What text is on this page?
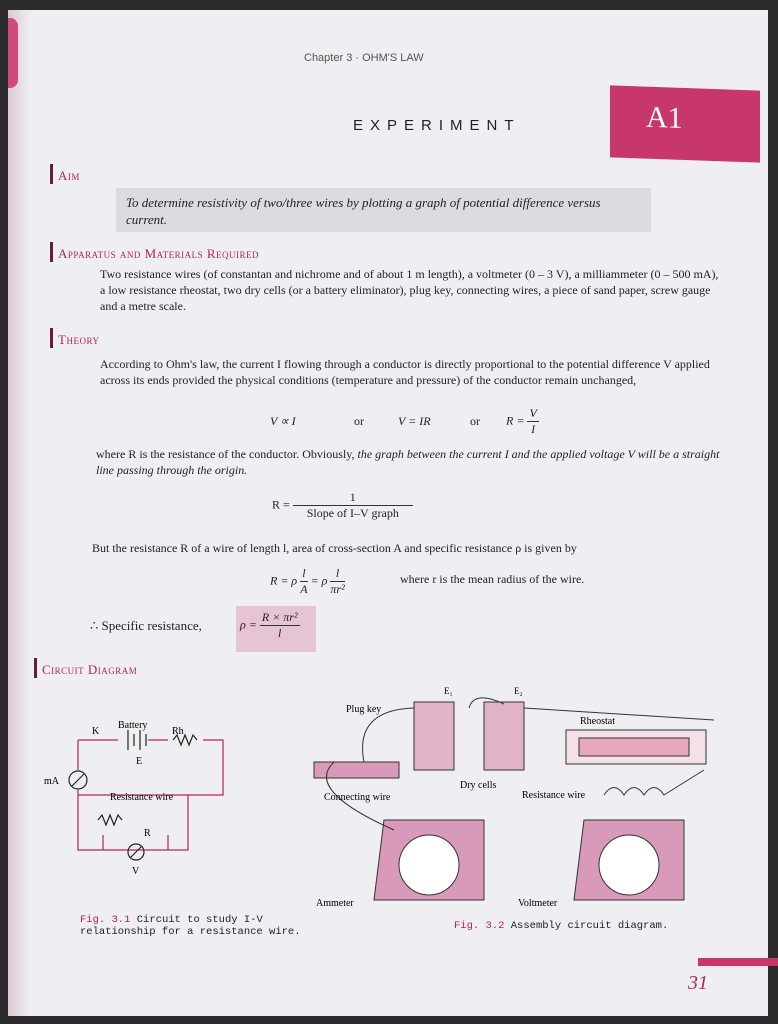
Chapter 3 · OHM'S LAW
EXPERIMENT	A1
Aim
To determine resistivity of two/three wires by plotting a graph of potential difference versus current.
Apparatus and Materials Required
Two resistance wires (of constantan and nichrome and of about 1 m length), a voltmeter (0 – 3 V), a milliammeter (0 – 500 mA), a low resistance rheostat, two dry cells (or a battery eliminator), plug key, connecting wires, a piece of sand paper, screw gauge and a metre scale.
Theory
According to Ohm's law, the current I flowing through a conductor is directly proportional to the potential difference V applied across its ends provided the physical conditions (temperature and pressure) of the conductor remain unchanged,
V ∝ I	or	V = IR	or $R = \frac{V}{I}$
where R is the resistance of the conductor. Obviously, the graph between the current I and the applied voltage V will be a straight line passing through the origin.
$R = \frac{1}{\text{Slope of I–V graph}}$
But the resistance R of a wire of length l, area of cross-section A and specific resistance ρ is given by
R = ρ $\frac{l}{A} = \rho \frac{l}{\text{πr²}}$	where r is the mean radius of the wire.
∴ Specific resistance,	$\rho = \frac{\text{R × πr²}}{l}$
Circuit Diagram
Battery
K	Rh
E
mA
Resistance wire
R
V
Plug key
E₁	E₂
Rheostat
Dry cells
Connecting wire	Resistance wire
Ammeter	Voltmeter
Fig. 3.1 Circuit to study I-V relationship for a resistance wire.	Fig. 3.2 Assembly circuit diagram.
31
